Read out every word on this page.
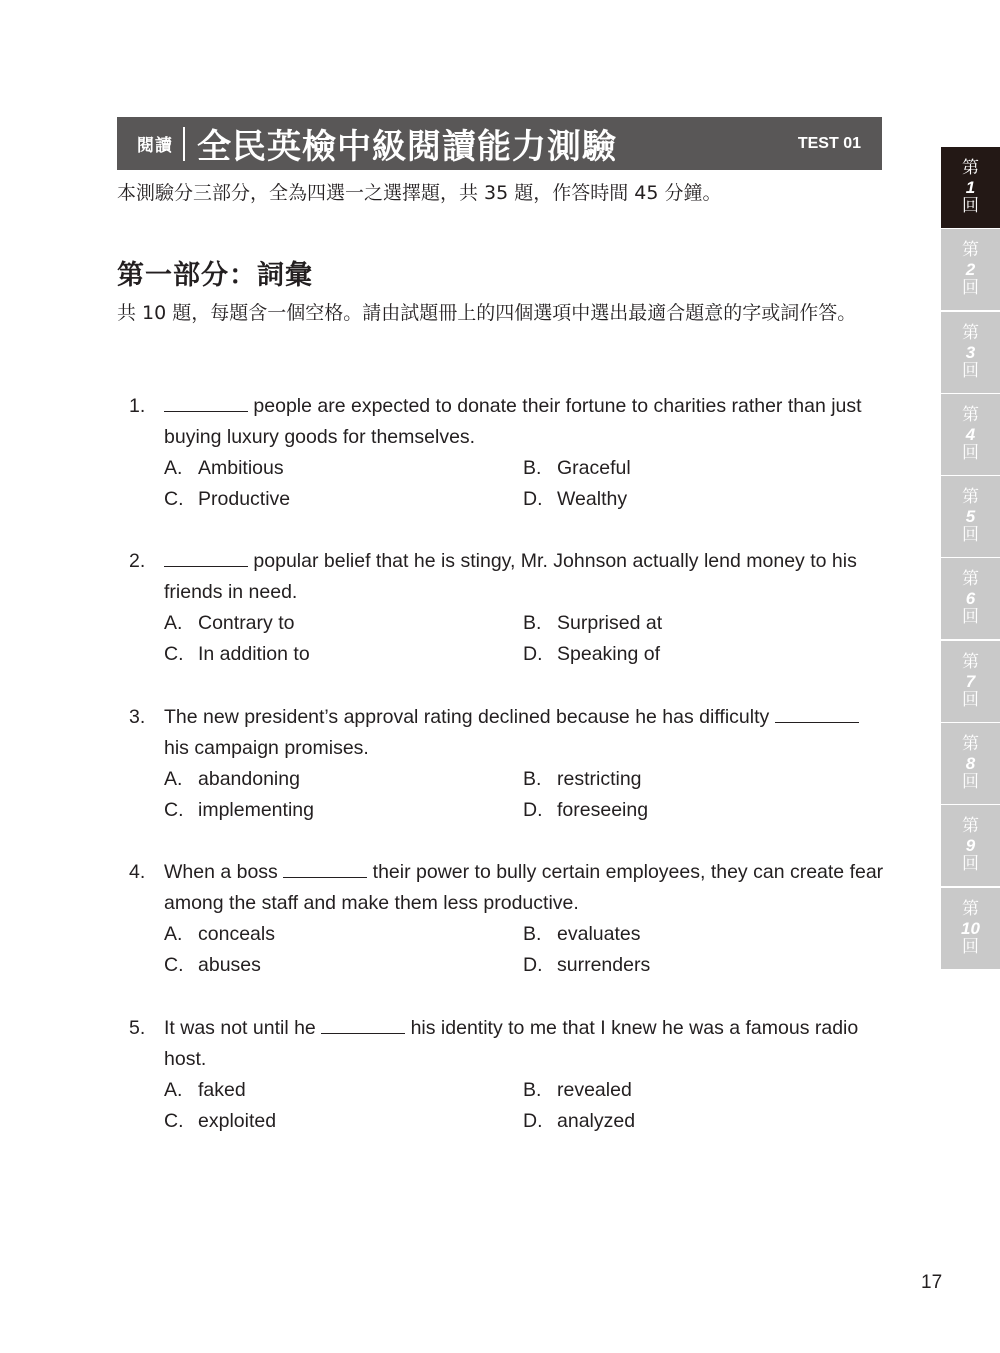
閱讀 全民英檢中級閱讀能力測驗	TEST 01
本測驗分三部分，全為四選一之選擇題，共 35 題，作答時間 45 分鐘。
第一部分：詞彙
共 10 題，每題含一個空格。請由試題冊上的四個選項中選出最適合題意的字或詞作答。
1.	people are expected to donate their fortune to charities rather than just buying luxury goods for themselves.
A. Ambitious	B. Graceful
C. Productive	D. Wealthy
2.	popular belief that he is stingy, Mr. Johnson actually lend money to his friends in need.
A. Contrary to	B. Surprised at
C. In addition to	D. Speaking of
3. The new president’s approval rating declined because he has difficulty  his campaign promises.
A. abandoning	B. restricting
C. implementing	D. foreseeing
4. When a boss	their power to bully certain employees, they can create fear among the staff and make them less productive.
A. conceals	B. evaluates
C. abuses	D. surrenders
5. It was not until he	his identity to me that I knew he was a famous radio host.
A. faked	B. revealed
C. exploited	D. analyzed
第
1
回
第
2
回
第
3
回
第
4
回
第
5
回
第
6
回
第
7
回
第
8
回
第
9
回
第
10
回
17
